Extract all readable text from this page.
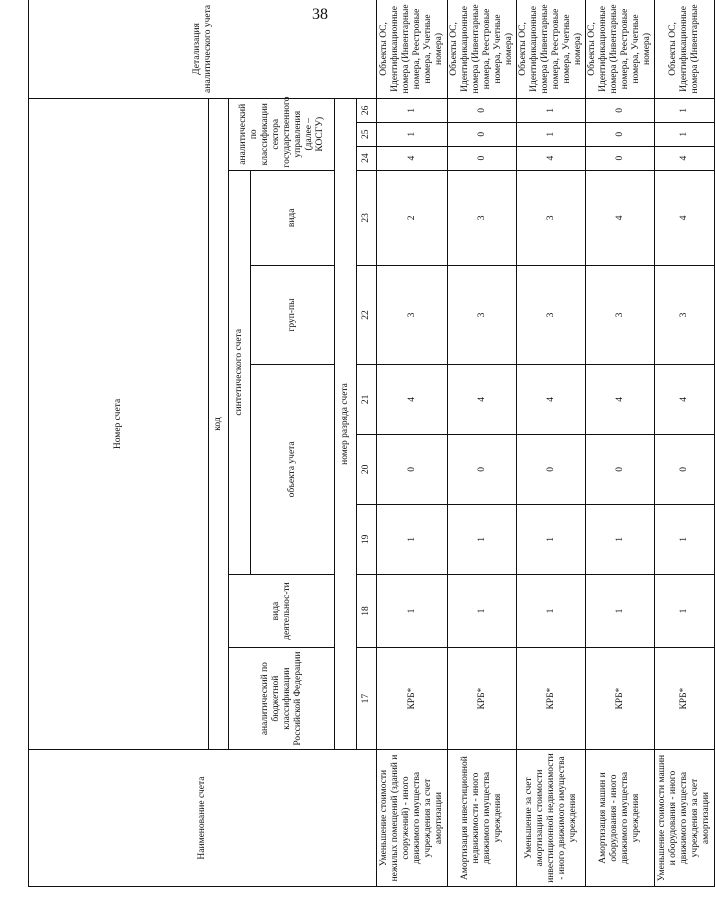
38
Наименование счета	Номер счета										Детализация аналитического учета
	код										
	аналитический по бюджетной классификации Российской Федерации	вида деятельнос-ти	синтетического счета					аналитический по классификации сектора государственного управления (далее – КОСГУ)			
			объекта учета			груп-пы	вида				
	номер разряда счета										
	17	18	19	20	21	22	23	24	25	26	
Уменьшение стоимости нежилых помещений (зданий и сооружений) - иного движимого имущества учреждения за счет амортизации	КРБ*	1	1	0	4	3	2	4	1	1	Объекты ОС, Идентификационные номера (Инвентарные номера, Реестровые номера, Учетные номера)
Амортизация инвестиционной недвижимости - иного движимого имущества учреждения	КРБ*	1	1	0	4	3	3	0	0	0	Объекты ОС, Идентификационные номера (Инвентарные номера, Реестровые номера, Учетные номера)
Уменьшение за счет амортизации стоимости инвестиционной недвижимости - иного движимого имущества учреждения	КРБ*	1	1	0	4	3	3	4	1	1	Объекты ОС, Идентификационные номера (Инвентарные номера, Реестровые номера, Учетные номера)
Амортизация машин и оборудования - иного движимого имущества учреждения	КРБ*	1	1	0	4	3	4	0	0	0	Объекты ОС, Идентификационные номера (Инвентарные номера, Реестровые номера, Учетные номера)
Уменьшение стоимости машин и оборудования - иного движимого имущества учреждения за счет амортизации	КРБ*	1	1	0	4	3	4	4	1	1	Объекты ОС, Идентификационные номера (Инвентарные
